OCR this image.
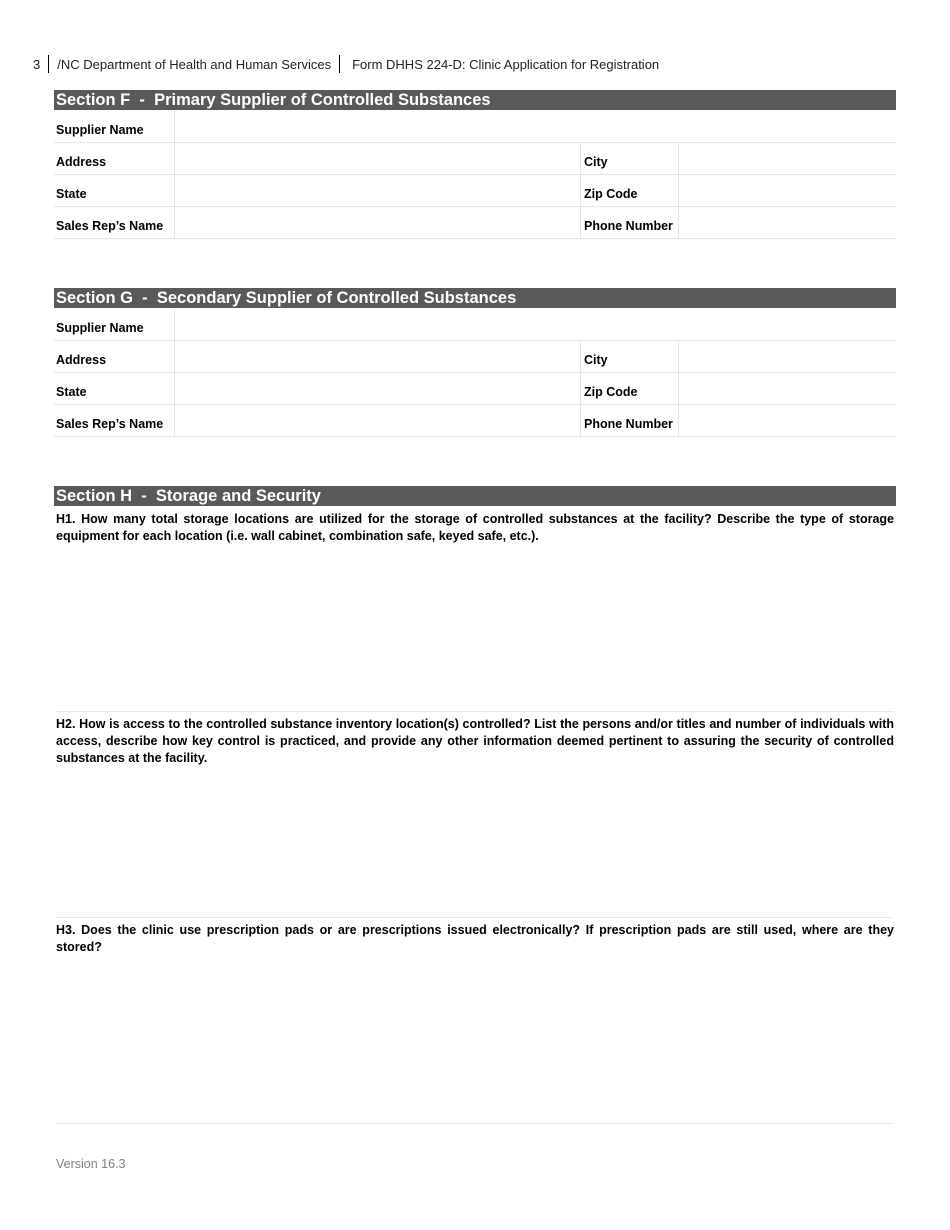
3	/NC Department of Health and Human Services	Form DHHS 224-D: Clinic Application for Registration
Section F  -  Primary Supplier of Controlled Substances
Supplier Name
Address	City
State	Zip Code
Sales Rep’s Name	Phone Number
Section G  -  Secondary Supplier of Controlled Substances
Supplier Name
Address	City
State	Zip Code
Sales Rep’s Name	Phone Number
Section H  -  Storage and Security
H1. How many total storage locations are utilized for the storage of controlled substances at the facility? Describe the type of storage equipment for each location (i.e. wall cabinet, combination safe, keyed safe, etc.).
H2. How is access to the controlled substance inventory location(s) controlled? List the persons and/or titles and number of individuals with access, describe how key control is practiced, and provide any other information deemed pertinent to assuring the security of controlled substances at the facility.
H3. Does the clinic use prescription pads or are prescriptions issued electronically? If prescription pads are still used, where are they stored?
Version 16.3
